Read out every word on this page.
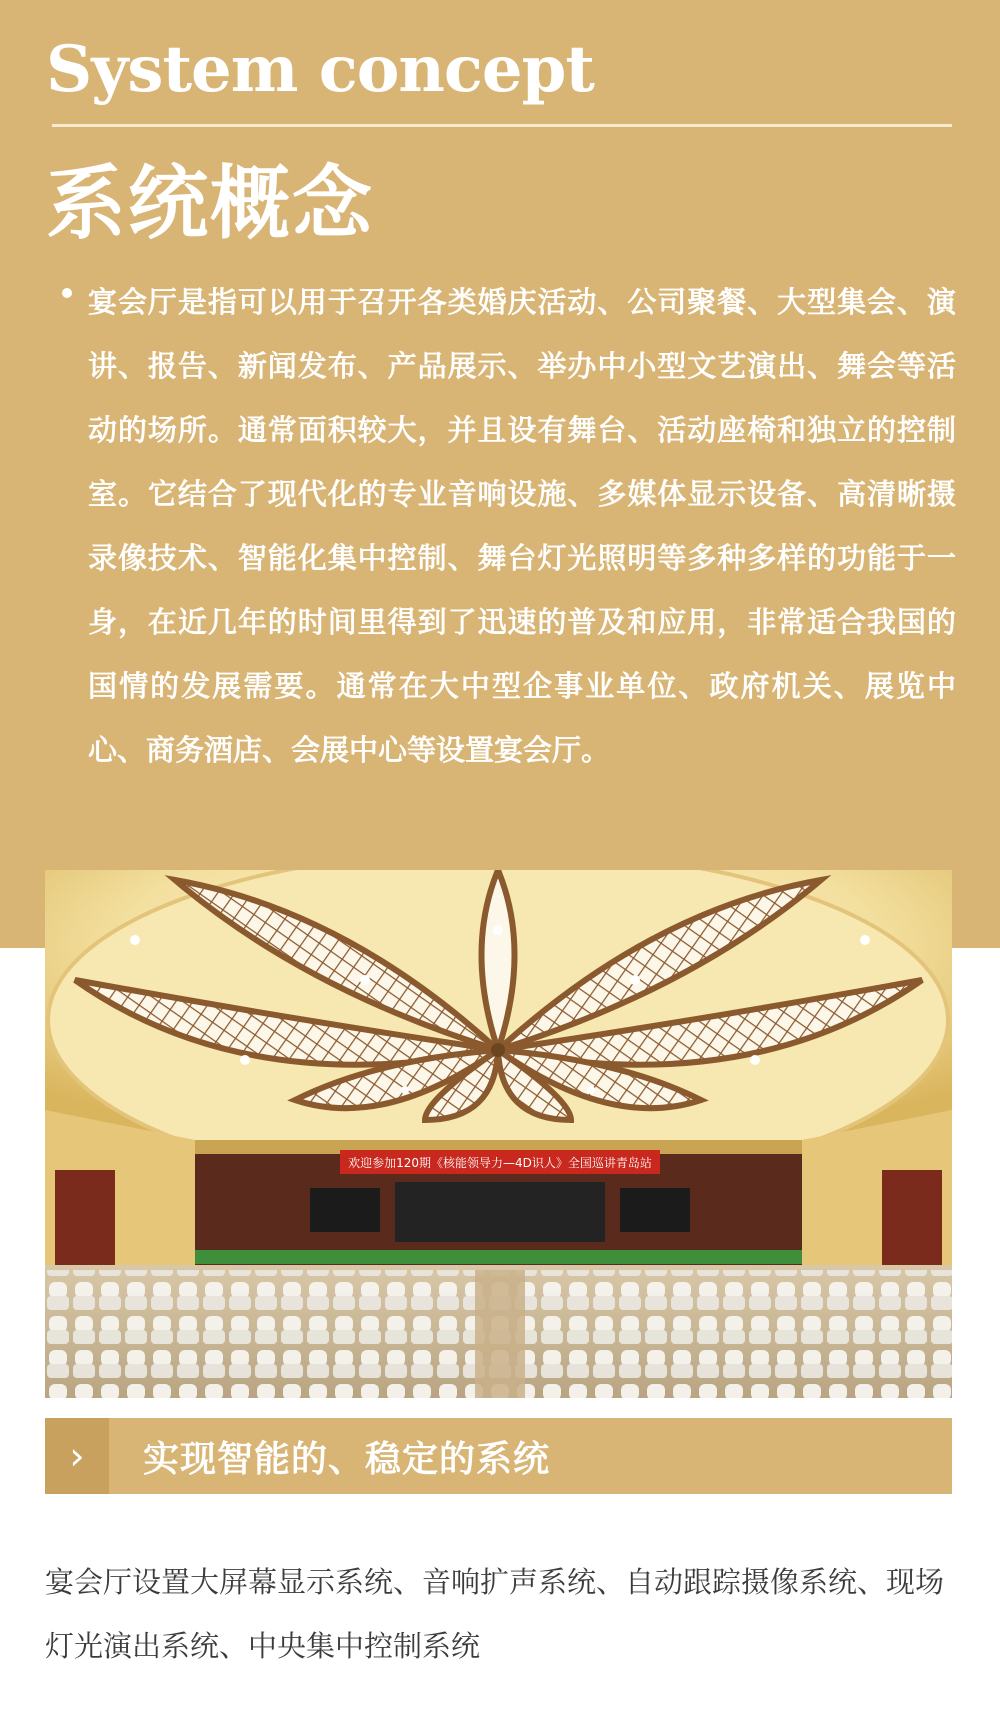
System concept
系统概念

宴会厅是指可以用于召开各类婚庆活动、公司聚餐、大型集会、演讲、报告、新闻发布、产品展示、举办中小型文艺演出、舞会等活动的场所。通常面积较大，并且设有舞台、活动座椅和独立的控制室。它结合了现代化的专业音响设施、多媒体显示设备、高清晰摄录像技术、智能化集中控制、舞台灯光照明等多种多样的功能于一身，在近几年的时间里得到了迅速的普及和应用，非常适合我国的国情的发展需要。通常在大中型企事业单位、政府机关、展览中心、商务酒店、会展中心等设置宴会厅。

欢迎参加120期《核能领导力—4D识人》全国巡讲青岛站
›	实现智能的、稳定的系统

宴会厅设置大屏幕显示系统、音响扩声系统、自动跟踪摄像系统、现场灯光演出系统、中央集中控制系统
